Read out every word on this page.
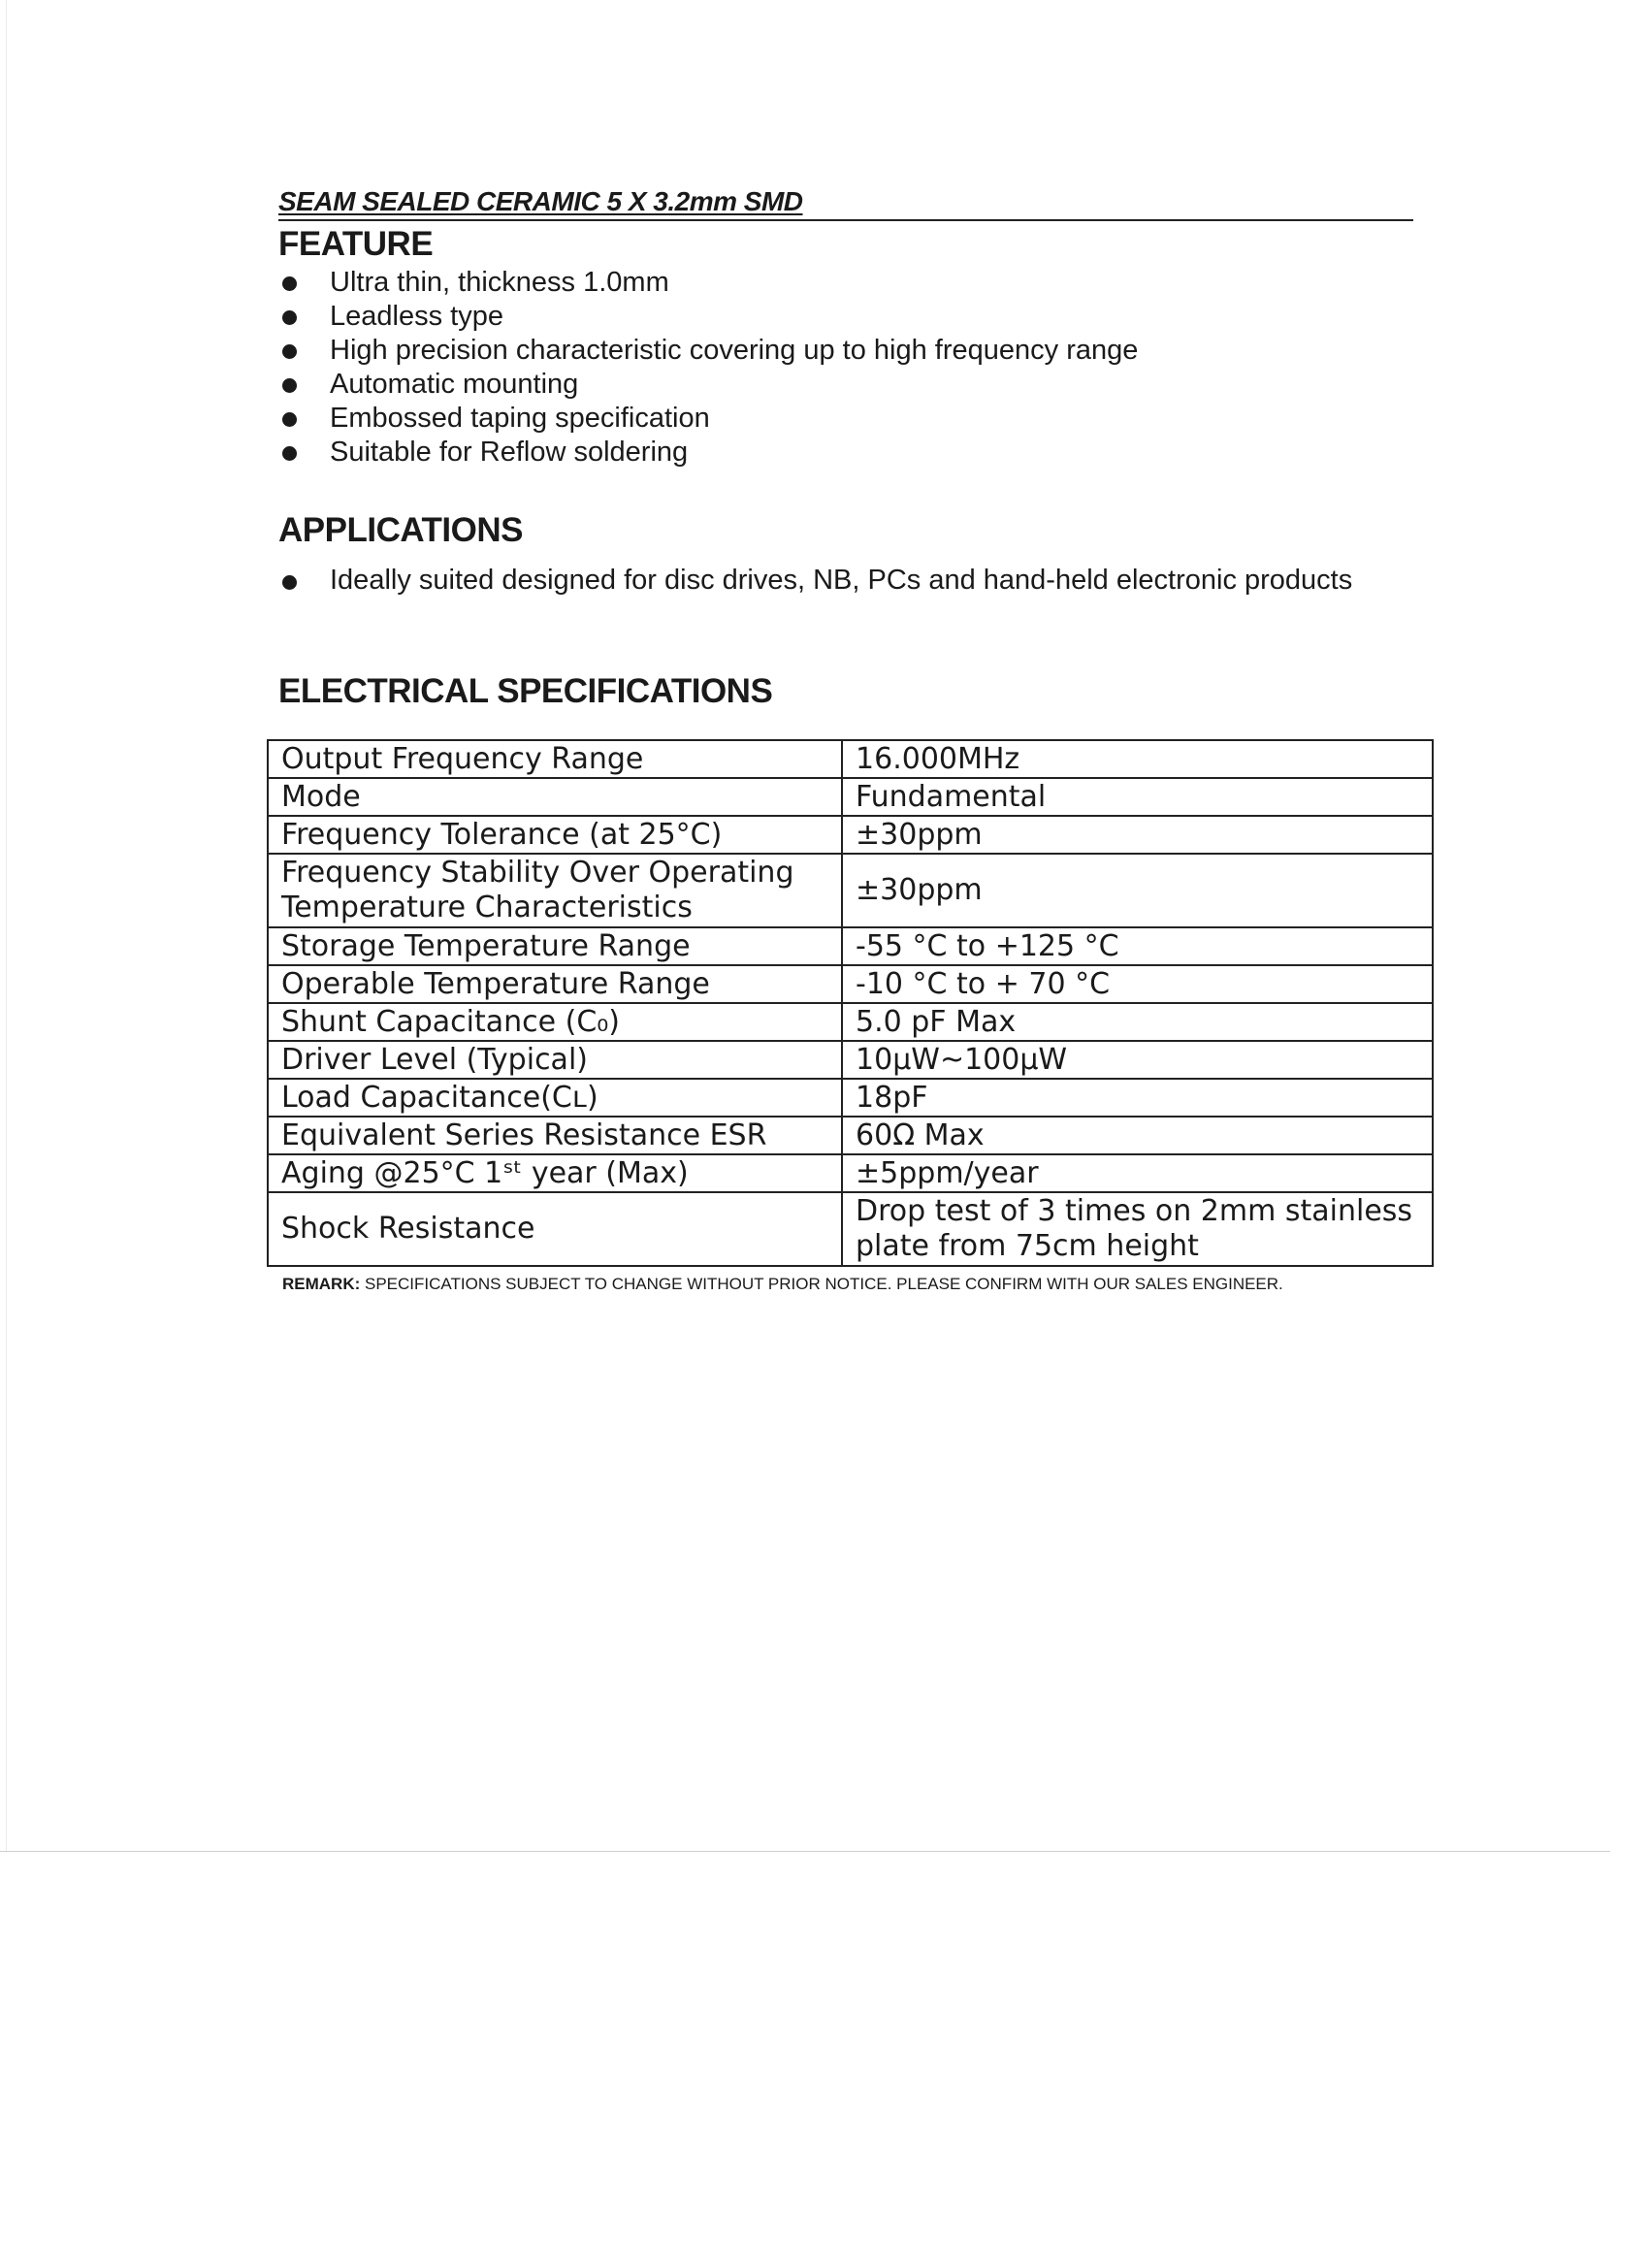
SEAM SEALED CERAMIC 5 X 3.2mm SMD
FEATURE
Ultra thin, thickness 1.0mm
Leadless type
High precision characteristic covering up to high frequency range
Automatic mounting
Embossed taping specification
Suitable for Reflow soldering
APPLICATIONS
Ideally suited designed for disc drives, NB, PCs and hand-held electronic products
ELECTRICAL SPECIFICATIONS
Output Frequency Range	16.000MHz
Mode	Fundamental
Frequency Tolerance (at 25°C)	±30ppm
Frequency Stability Over Operating Temperature Characteristics	±30ppm
Storage Temperature Range	-55 °C to +125 °C
Operable Temperature Range	-10 °C to + 70 °C
Shunt Capacitance (C₀)	5.0 pF Max
Driver Level (Typical)	10μW~100μW
Load Capacitance(Cʟ)	18pF
Equivalent Series Resistance ESR	60Ω Max
Aging @25°C 1ˢᵗ year (Max)	±5ppm/year
Shock Resistance	Drop test of 3 times on 2mm stainless plate from 75cm height
REMARK: SPECIFICATIONS SUBJECT TO CHANGE WITHOUT PRIOR NOTICE. PLEASE CONFIRM WITH OUR SALES ENGINEER.
